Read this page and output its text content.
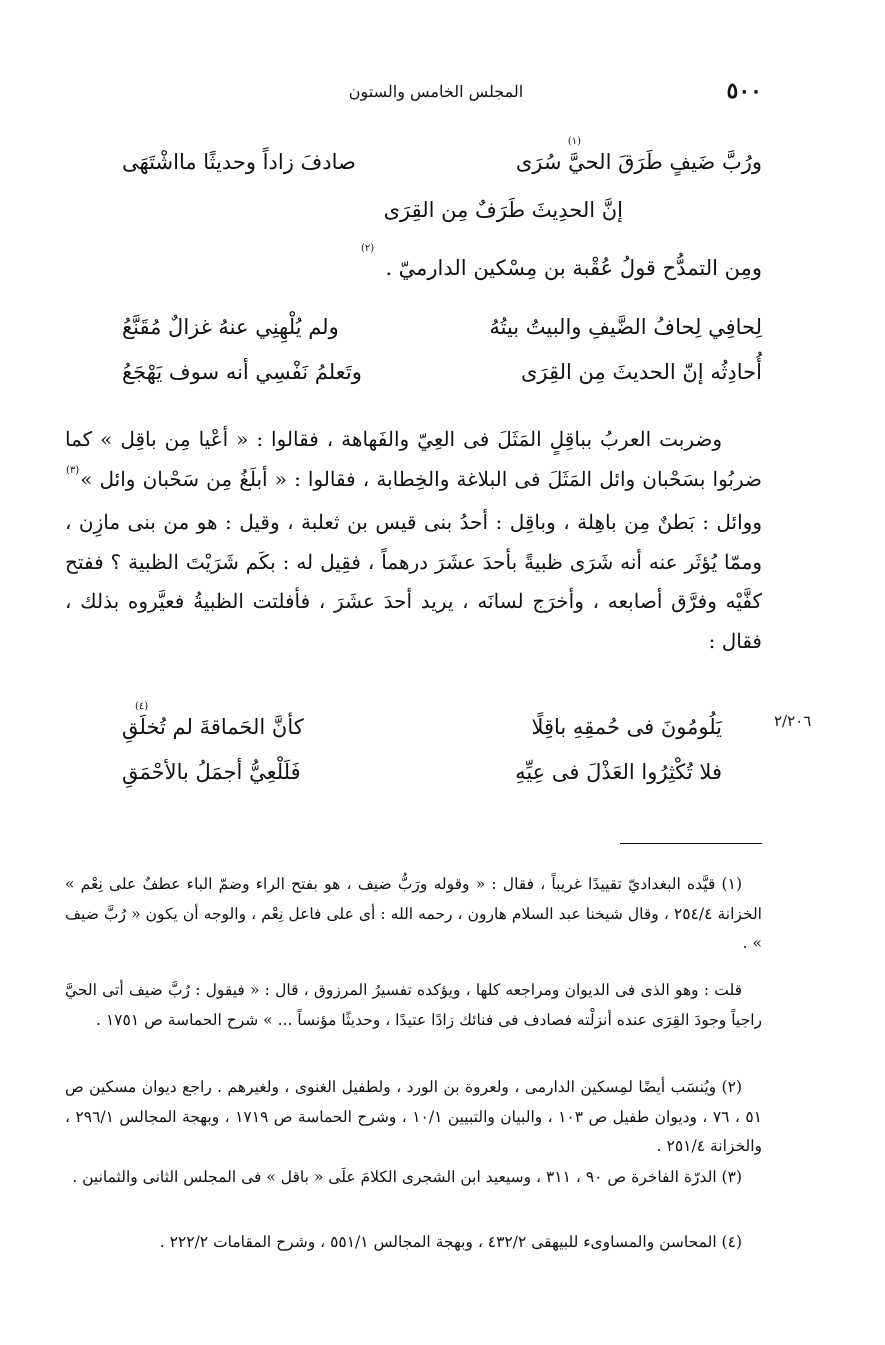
٥٠٠
المجلس الخامس والستون
ورُبَّ ضَيفٍ طَرَقَ الحيَّ سُرَى
(١)
صادفَ زاداً وحديثًا مااشْتَهَى
إنَّ الحدِيثَ طَرَفٌ مِن القِرَى
ومِن التمدُّح قولُ عُقْبة بن مِسْكين الدارميّ .
(٢)
لِحافِي لِحافُ الضَّيفِ والبيتُ بيتُهُ
ولم يُلْهِنِي عنهُ غزالٌ مُقَنَّعُ
أُحادِثُه إنّ الحديثَ مِن القِرَى
وتَعلمُ نَفْسِي أنه سوف يَهْجَعُ
وضربت العربُ بباقِلٍ المَثَلَ فى العِيّ والفَهاهة ، فقالوا : « أعْيا مِن باقِل » كما ضربُوا بسَحْبان وائل المَثَلَ فى البلاغة والخِطابة ، فقالوا : « أبلَغُ مِن سَحْبان وائل »$^{(٣)}$ ووائل : بَطنٌ مِن باهِلة ، وباقِل : أحدُ بنى قيس بن ثعلبة ، وقيل : هو من بنى مازِن ، وممّا يُؤثَر عنه أنه شَرَى ظبيةً بأحدَ عشَرَ درهماً ، فقِيل له : بكَم شَرَيْتَ الظبية ؟ ففتح كفَّيْه وفرَّق أصابعه ، وأخرَج لسانَه ، يريد أحدَ عشَرَ ، فأفلتت الظبيةُ فعيَّروه بذلك ، فقال :
يَلُومُونَ فى حُمقِهِ باقِلًا
كأنَّ الحَماقةَ لم تُخلَقِ
(٤)
فلا تُكْثِرُوا العَذْلَ فى عِيِّهِ
فَلَلْعِيُّ أجمَلُ بالأحْمَقِ
٢/٢٠٦
(١) قيَّده البغداديّ تقييدًا غريباً ، فقال : « وقوله ورَبُّ ضيف ، هو بفتح الراء وضمّ الباء عطفٌ على نِعْم » الخزانة ٢٥٤/٤ ، وقال شيخنا عبد السلام هارون ، رحمه الله : أى على فاعل نِعْم ، والوجه أن يكون « رُبَّ ضيف » .
قلت : وهو الذى فى الديوان ومراجعه كلها ، ويؤكده تفسيرُ المرزوق ، قال : « فيقول : رُبَّ ضيف أتى الحيَّ راجياً وجودَ القِرَى عنده أنزلْته فصادف فى فنائك زادًا عتيدًا ، وحديثًا مؤنساً ... » شرح الحماسة ص ١٧٥١ .
(٢) ويُنسَب أيضًا لمِسكين الدارمى ، ولعروة بن الورد ، ولطفيل الغنوى ، ولغيرهم . راجع ديوان مسكين ص ٥١ ، ٧٦ ، وديوان طفيل ص ١٠٣ ، والبيان والتبيين ١٠/١ ، وشرح الحماسة ص ١٧١٩ ، وبهجة المجالس ٢٩٦/١ ، والخزانة ٢٥١/٤ .
(٣) الدرّة الفاخرة ص ٩٠ ، ٣١١ ، وسيعيد ابن الشجرى الكلامَ علَى « باقل » فى المجلس الثانى والثمانين .
(٤) المحاسن والمساوىء للبيهقى ٤٣٢/٢ ، وبهجة المجالس ٥٥١/١ ، وشرح المقامات ٢٢٢/٢ .
